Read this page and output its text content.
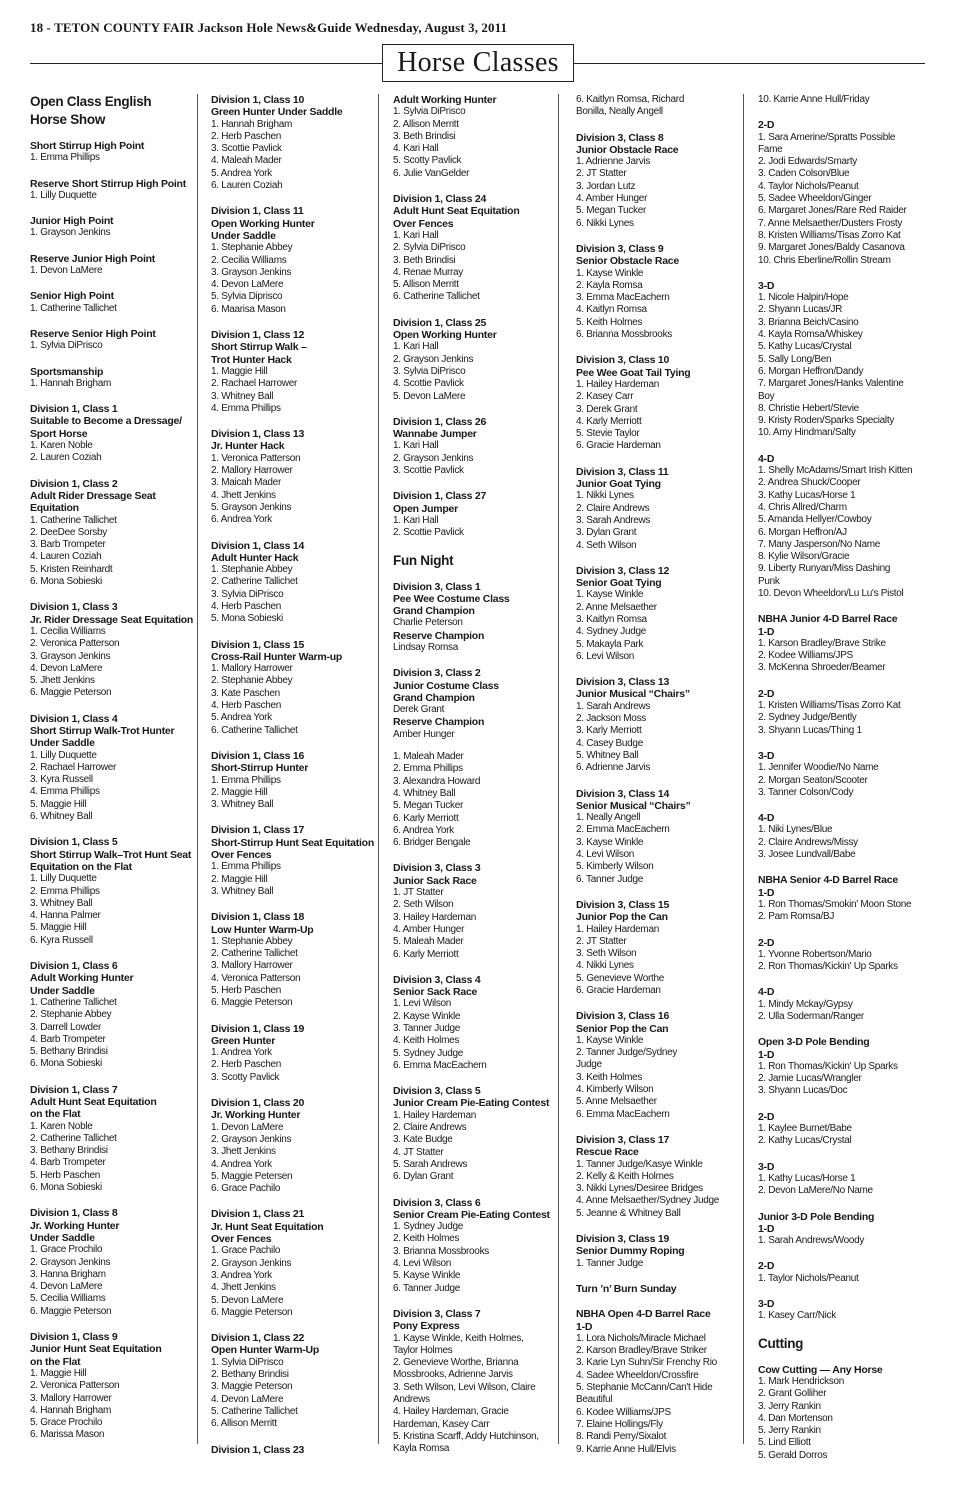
18 - TETON COUNTY FAIR Jackson Hole News&Guide Wednesday, August 3, 2011
Horse Classes
Open Class English
Horse Show
Short Stirrup High Point
1. Emma Phillips
Reserve Short Stirrup High Point
1. Lilly Duquette
Junior High Point
1. Grayson Jenkins
Reserve Junior High Point
1. Devon LaMere
Senior High Point
1. Catherine Tallichet
Reserve Senior High Point
1. Sylvia DiPrisco
Sportsmanship
1. Hannah Brigham
Division 1, Class 1
Suitable to Become a Dressage/
Sport Horse
1. Karen Noble
2. Lauren Coziah
Division 1, Class 2
Adult Rider Dressage Seat
Equitation
1. Catherine Tallichet
2. DeeDee Sorsby
3. Barb Trompeter
4. Lauren Coziah
5. Kristen Reinhardt
6. Mona Sobieski
Division 1, Class 3
Jr. Rider Dressage Seat Equitation
1. Cecilia Williams
2. Veronica Patterson
3. Grayson Jenkins
4. Devon LaMere
5. Jhett Jenkins
6. Maggie Peterson
Division 1, Class 4
Short Stirrup Walk-Trot Hunter
Under Saddle
1. Lilly Duquette
2. Rachael Harrower
3. Kyra Russell
4. Emma Phillips
5. Maggie Hill
6. Whitney Ball
Division 1, Class 5
Short Stirrup Walk–Trot Hunt Seat
Equitation on the Flat
1. Lilly Duquette
2. Emma Phillips
3. Whitney Ball
4. Hanna Palmer
5. Maggie Hill
6. Kyra Russell
Division 1, Class 6
Adult Working Hunter
Under Saddle
1. Catherine Tallichet
2. Stephanie Abbey
3. Darrell Lowder
4. Barb Trompeter
5. Bethany Brindisi
6. Mona Sobieski
Division 1, Class 7
Adult Hunt Seat Equitation
on the Flat
1. Karen Noble
2. Catherine Tallichet
3. Bethany Brindisi
4. Barb Trompeter
5. Herb Paschen
6. Mona Sobieski
Division 1, Class 8
Jr. Working Hunter
Under Saddle
1. Grace Prochilo
2. Grayson Jenkins
3. Hanna Brigham
4. Devon LaMere
5. Cecilia Williams
6. Maggie Peterson
Division 1, Class 9
Junior Hunt Seat Equitation
on the Flat
1. Maggie Hill
2. Veronica Patterson
3. Mallory Harrower
4. Hannah Brigham
5. Grace Prochilo
6. Marissa Mason
Division 1, Class 10
Green Hunter Under Saddle
1. Hannah Brigham
2. Herb Paschen
3. Scottie Pavlick
4. Maleah Mader
5. Andrea York
6. Lauren Coziah
Division 1, Class 11
Open Working Hunter
Under Saddle
1. Stephanie Abbey
2. Cecilia Williams
3. Grayson Jenkins
4. Devon LaMere
5. Sylvia Diprisco
6. Maarisa Mason
Division 1, Class 12
Short Stirrup Walk –
Trot Hunter Hack
1. Maggie Hill
2. Rachael Harrower
3. Whitney Ball
4. Emma Phillips
Division 1, Class 13
Jr. Hunter Hack
1. Veronica Patterson
2. Mallory Harrower
3. Maicah Mader
4. Jhett Jenkins
5. Grayson Jenkins
6. Andrea York
Division 1, Class 14
Adult Hunter Hack
1. Stephanie Abbey
2. Catherine Tallichet
3. Sylvia DiPrisco
4. Herb Paschen
5. Mona Sobieski
Division 1, Class 15
Cross-Rail Hunter Warm-up
1. Mallory Harrower
2. Stephanie Abbey
3. Kate Paschen
4. Herb Paschen
5. Andrea York
6. Catherine Tallichet
Division 1, Class 16
Short-Stirrup Hunter
1. Emma Phillips
2. Maggie Hill
3. Whitney Ball
Division 1, Class 17
Short-Stirrup Hunt Seat Equitation
Over Fences
1. Emma Phillips
2. Maggie Hill
3. Whitney Ball
Division 1, Class 18
Low Hunter Warm-Up
1. Stephanie Abbey
2. Catherine Tallichet
3. Mallory Harrower
4. Veronica Patterson
5. Herb Paschen
6. Maggie Peterson
Division 1, Class 19
Green Hunter
1. Andrea York
2. Herb Paschen
3. Scotty Pavlick
Division 1, Class 20
Jr. Working Hunter
1. Devon LaMere
2. Grayson Jenkins
3. Jhett Jenkins
4. Andrea York
5. Maggie Petersen
6. Grace Pachilo
Division 1, Class 21
Jr. Hunt Seat Equitation
Over Fences
1. Grace Pachilo
2. Grayson Jenkins
3. Andrea York
4. Jhett Jenkins
5. Devon LaMere
6. Maggie Peterson
Division 1, Class 22
Open Hunter Warm-Up
1. Sylvia DiPrisco
2. Bethany Brindisi
3. Maggie Peterson
4. Devon LaMere
5. Catherine Tallichet
6. Allison Merritt
Division 1, Class 23
Adult Working Hunter
1. Sylvia DiPrisco
2. Allison Merritt
3. Beth Brindisi
4. Kari Hall
5. Scotty Pavlick
6. Julie VanGelder
Division 1, Class 24
Adult Hunt Seat Equitation
Over Fences
1. Kari Hall
2. Sylvia DiPrisco
3. Beth Brindisi
4. Renae Murray
5. Allison Merritt
6. Catherine Tallichet
Division 1, Class 25
Open Working Hunter
1. Kari Hall
2. Grayson Jenkins
3. Sylvia DiPrisco
4. Scottie Pavlick
5. Devon LaMere
Division 1, Class 26
Wannabe Jumper
1. Kari Hall
2. Grayson Jenkins
3. Scottie Pavlick
Division 1, Class 27
Open Jumper
1. Kari Hall
2. Scottie Pavlick
Fun Night
Division 3, Class 1
Pee Wee Costume Class
Grand Champion
Charlie Peterson
Reserve Champion
Lindsay Romsa
Division 3, Class 2
Junior Costume Class
Grand Champion
Derek Grant
Reserve Champion
Amber Hunger
1. Maleah Mader
2. Emma Phillips
3. Alexandra Howard
4. Whitney Ball
5. Megan Tucker
6. Karly Merriott
6. Andrea York
6. Bridger Bengale
Division 3, Class 3
Junior Sack Race
1. JT Statter
2. Seth Wilson
3. Hailey Hardeman
4. Amber Hunger
5. Maleah Mader
6. Karly Merriott
Division 3, Class 4
Senior Sack Race
1. Levi Wilson
2. Kayse Winkle
3. Tanner Judge
4. Keith Holmes
5. Sydney Judge
6. Emma MacEachern
Division 3, Class 5
Junior Cream Pie-Eating Contest
1. Hailey Hardeman
2. Claire Andrews
3. Kate Budge
4. JT Statter
5. Sarah Andrews
6. Dylan Grant
Division 3, Class 6
Senior Cream Pie-Eating Contest
1. Sydney Judge
2. Keith Holmes
3. Brianna Mossbrooks
4. Levi Wilson
5. Kayse Winkle
6. Tanner Judge
Division 3, Class 7
Pony Express
1. Kayse Winkle, Keith Holmes,
Taylor Holmes
2. Genevieve Worthe, Brianna
Mossbrooks, Adrienne Jarvis
3. Seth Wilson, Levi Wilson, Claire
Andrews
4. Hailey Hardeman, Gracie
Hardeman, Kasey Carr
5. Kristina Scarff, Addy Hutchinson,
Kayla Romsa
6. Kaitlyn Romsa, Richard
Bonilla, Neally Angell
Division 3, Class 8
Junior Obstacle Race
1. Adrienne Jarvis
2. JT Statter
3. Jordan Lutz
4. Amber Hunger
5. Megan Tucker
6. Nikki Lynes
Division 3, Class 9
Senior Obstacle Race
1. Kayse Winkle
2. Kayla Romsa
3. Emma MacEachern
4. Kaitlyn Romsa
5. Keith Holmes
6. Brianna Mossbrooks
Division 3, Class 10
Pee Wee Goat Tail Tying
1. Hailey Hardeman
2. Kasey Carr
3. Derek Grant
4. Karly Merriott
5. Stevie Taylor
6. Gracie Hardeman
Division 3, Class 11
Junior Goat Tying
1. Nikki Lynes
2. Claire Andrews
3. Sarah Andrews
3. Dylan Grant
4. Seth Wilson
Division 3, Class 12
Senior Goat Tying
1. Kayse Winkle
2. Anne Melsaether
3. Kaitlyn Romsa
4. Sydney Judge
5. Makayla Park
6. Levi Wilson
Division 3, Class 13
Junior Musical “Chairs”
1. Sarah Andrews
2. Jackson Moss
3. Karly Merriott
4. Casey Budge
5. Whitney Ball
6. Adrienne Jarvis
Division 3, Class 14
Senior Musical “Chairs”
1. Neally Angell
2. Emma MacEachern
3. Kayse Winkle
4. Levi Wilson
5. Kimberly Wilson
6. Tanner Judge
Division 3, Class 15
Junior Pop the Can
1. Hailey Hardeman
2. JT Statter
3. Seth Wilson
4. Nikki Lynes
5. Genevieve Worthe
6. Gracie Hardeman
Division 3, Class 16
Senior Pop the Can
1. Kayse Winkle
2. Tanner Judge/Sydney
Judge
3. Keith Holmes
4. Kimberly Wilson
5. Anne Melsaether
6. Emma MacEachern
Division 3, Class 17
Rescue Race
1. Tanner Judge/Kasye Winkle
2. Kelly & Keith Holmes
3. Nikki Lynes/Desiree Bridges
4. Anne Melsaether/Sydney Judge
5. Jeanne & Whitney Ball
Division 3, Class 19
Senior Dummy Roping
1. Tanner Judge
Turn ’n’ Burn Sunday
NBHA Open 4-D Barrel Race
1-D
1. Lora Nichols/Miracle Michael
2. Karson Bradley/Brave Striker
3. Karie Lyn Suhn/Sir Frenchy Rio
4. Sadee Wheeldon/Crossfire
5. Stephanie McCann/Can't Hide
Beautiful
6. Kodee Williams/JPS
7. Elaine Hollings/Fly
8. Randi Perry/Sixalot
9. Karrie Anne Hull/Elvis
10. Karrie Anne Hull/Friday
2-D
1. Sara Amerine/Spratts Possible
Fame
2. Jodi Edwards/Smarty
3. Caden Colson/Blue
4. Taylor Nichols/Peanut
5. Sadee Wheeldon/Ginger
6. Margaret Jones/Rare Red Raider
7. Anne Melsaether/Dusters Frosty
8. Kristen Williams/Tisas Zorro Kat
9. Margaret Jones/Baldy Casanova
10. Chris Eberline/Rollin Stream
3-D
1. Nicole Halpin/Hope
2. Shyann Lucas/JR
3. Brianna Beich/Casino
4. Kayla Romsa/Whiskey
5. Kathy Lucas/Crystal
5. Sally Long/Ben
6. Morgan Heffron/Dandy
7. Margaret Jones/Hanks Valentine
Boy
8. Christie Hebert/Stevie
9. Kristy Roden/Sparks Specialty
10. Amy Hindman/Salty
4-D
1. Shelly McAdams/Smart Irish Kitten
2. Andrea Shuck/Cooper
3. Kathy Lucas/Horse 1
4. Chris Allred/Charm
5. Amanda Hellyer/Cowboy
6. Morgan Heffron/AJ
7. Many Jasperson/No Name
8. Kylie Wilson/Gracie
9. Liberty Runyan/Miss Dashing
Punk
10. Devon Wheeldon/Lu Lu's Pistol
NBHA Junior 4-D Barrel Race
1-D
1. Karson Bradley/Brave Strike
2. Kodee Williams/JPS
3. McKenna Shroeder/Beamer
2-D
1. Kristen Williams/Tisas Zorro Kat
2. Sydney Judge/Bently
3. Shyann Lucas/Thing 1
3-D
1. Jennifer Woodie/No Name
2. Morgan Seaton/Scooter
3. Tanner Colson/Cody
4-D
1. Niki Lynes/Blue
2. Claire Andrews/Missy
3. Josee Lundvall/Babe
NBHA Senior 4-D Barrel Race
1-D
1. Ron Thomas/Smokin' Moon Stone
2. Pam Romsa/BJ
2-D
1. Yvonne Robertson/Mario
2. Ron Thomas/Kickin' Up Sparks
4-D
1. Mindy Mckay/Gypsy
2. Ulla Soderman/Ranger
Open 3-D Pole Bending
1-D
1. Ron Thomas/Kickin' Up Sparks
2. Jamie Lucas/Wrangler
3. Shyann Lucas/Doc
2-D
1. Kaylee Burnet/Babe
2. Kathy Lucas/Crystal
3-D
1. Kathy Lucas/Horse 1
2. Devon LaMere/No Name
Junior 3-D Pole Bending
1-D
1. Sarah Andrews/Woody
2-D
1. Taylor Nichols/Peanut
3-D
1. Kasey Carr/Nick
Cutting
Cow Cutting — Any Horse
1. Mark Hendrickson
2. Grant Golliher
3. Jerry Rankin
4. Dan Mortenson
5. Jerry Rankin
5. Lind Elliott
5. Gerald Dorros
